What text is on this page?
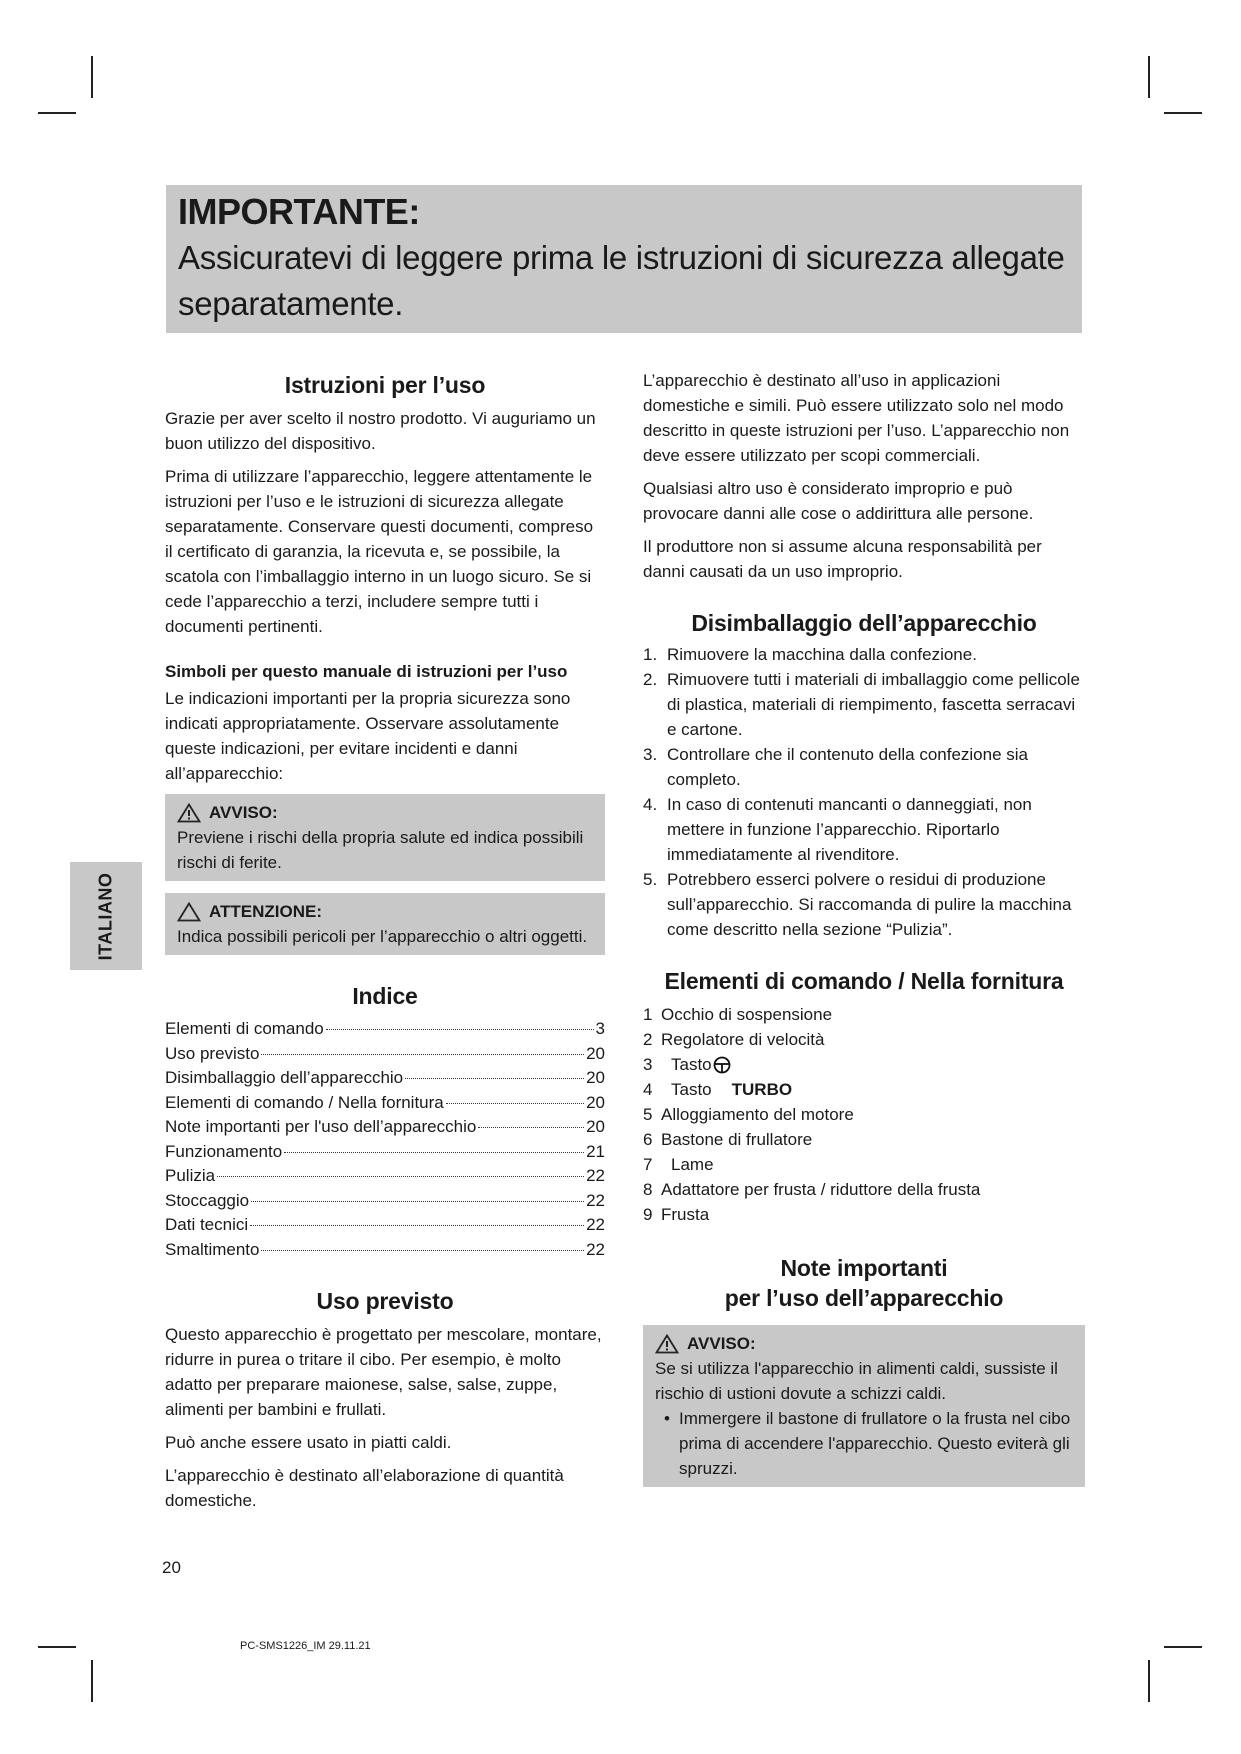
IMPORTANTE:
Assicuratevi di leggere prima le istruzioni di sicurezza allegate separatamente.
ITALIANO
Istruzioni per l’uso

Grazie per aver scelto il nostro prodotto. Vi auguriamo un buon utilizzo del dispositivo.

Prima di utilizzare l’apparecchio, leggere attentamente le istruzioni per l’uso e le istruzioni di sicurezza allegate separatamente. Conservare questi documenti, compreso il certificato di garanzia, la ricevuta e, se possibile, la scatola con l’imballaggio interno in un luogo sicuro. Se si cede l’apparecchio a terzi, includere sempre tutti i documenti pertinenti.

Simboli per questo manuale di istruzioni per l’uso

Le indicazioni importanti per la propria sicurezza sono indicati appropriatamente. Osservare assolutamente queste indicazioni, per evitare incidenti e danni all’apparecchio:

AVVISO:
Previene i rischi della propria salute ed indica possibili rischi di ferite.
ATTENZIONE:
Indica possibili pericoli per l’apparecchio o altri oggetti.
Indice
Elementi di comando	3
Uso previsto	20
Disimballaggio dell’apparecchio	20
Elementi di comando / Nella fornitura	20
Note importanti per l'uso dell’apparecchio	20
Funzionamento	21
Pulizia	22
Stoccaggio	22
Dati tecnici	22
Smaltimento	22
Uso previsto

Questo apparecchio è progettato per mescolare, montare, ridurre in purea o tritare il cibo. Per esempio, è molto adatto per preparare maionese, salse, salse, zuppe, alimenti per bambini e frullati.

Può anche essere usato in piatti caldi.

L’apparecchio è destinato all’elaborazione di quantità domestiche.

L’apparecchio è destinato all’uso in applicazioni domestiche e simili. Può essere utilizzato solo nel modo descritto in queste istruzioni per l’uso. L’apparecchio non deve essere utilizzato per scopi commerciali.

Qualsiasi altro uso è considerato improprio e può provocare danni alle cose o addirittura alle persone.

Il produttore non si assume alcuna responsabilità per danni causati da un uso improprio.

Disimballaggio dell’apparecchio
1. Rimuovere la macchina dalla confezione.
2. Rimuovere tutti i materiali di imballaggio come pellicole di plastica, materiali di riempimento, fascetta serracavi e cartone.
3. Controllare che il contenuto della confezione sia completo.
4. In caso di contenuti mancanti o danneggiati, non mettere in funzione l’apparecchio. Riportarlo immediatamente al rivenditore.
5. Potrebbero esserci polvere o residui di produzione sull’apparecchio. Si raccomanda di pulire la macchina come descritto nella sezione “Pulizia”.
Elementi di comando / Nella fornitura
1 Occhio di sospensione
2 Regolatore di velocità
3	Tasto
4	Tasto TURBO
5 Alloggiamento del motore
6 Bastone di frullatore
7	Lame
8 Adattatore per frusta / riduttore della frusta
9 Frusta
Note importanti
per l’uso dell’apparecchio
AVVISO:
Se si utilizza l'apparecchio in alimenti caldi, sussiste il rischio di ustioni dovute a schizzi caldi.
• Immergere il bastone di frullatore o la frusta nel cibo prima di accendere l'apparecchio. Questo eviterà gli spruzzi.
20
PC-SMS1226_IM 29.11.21
